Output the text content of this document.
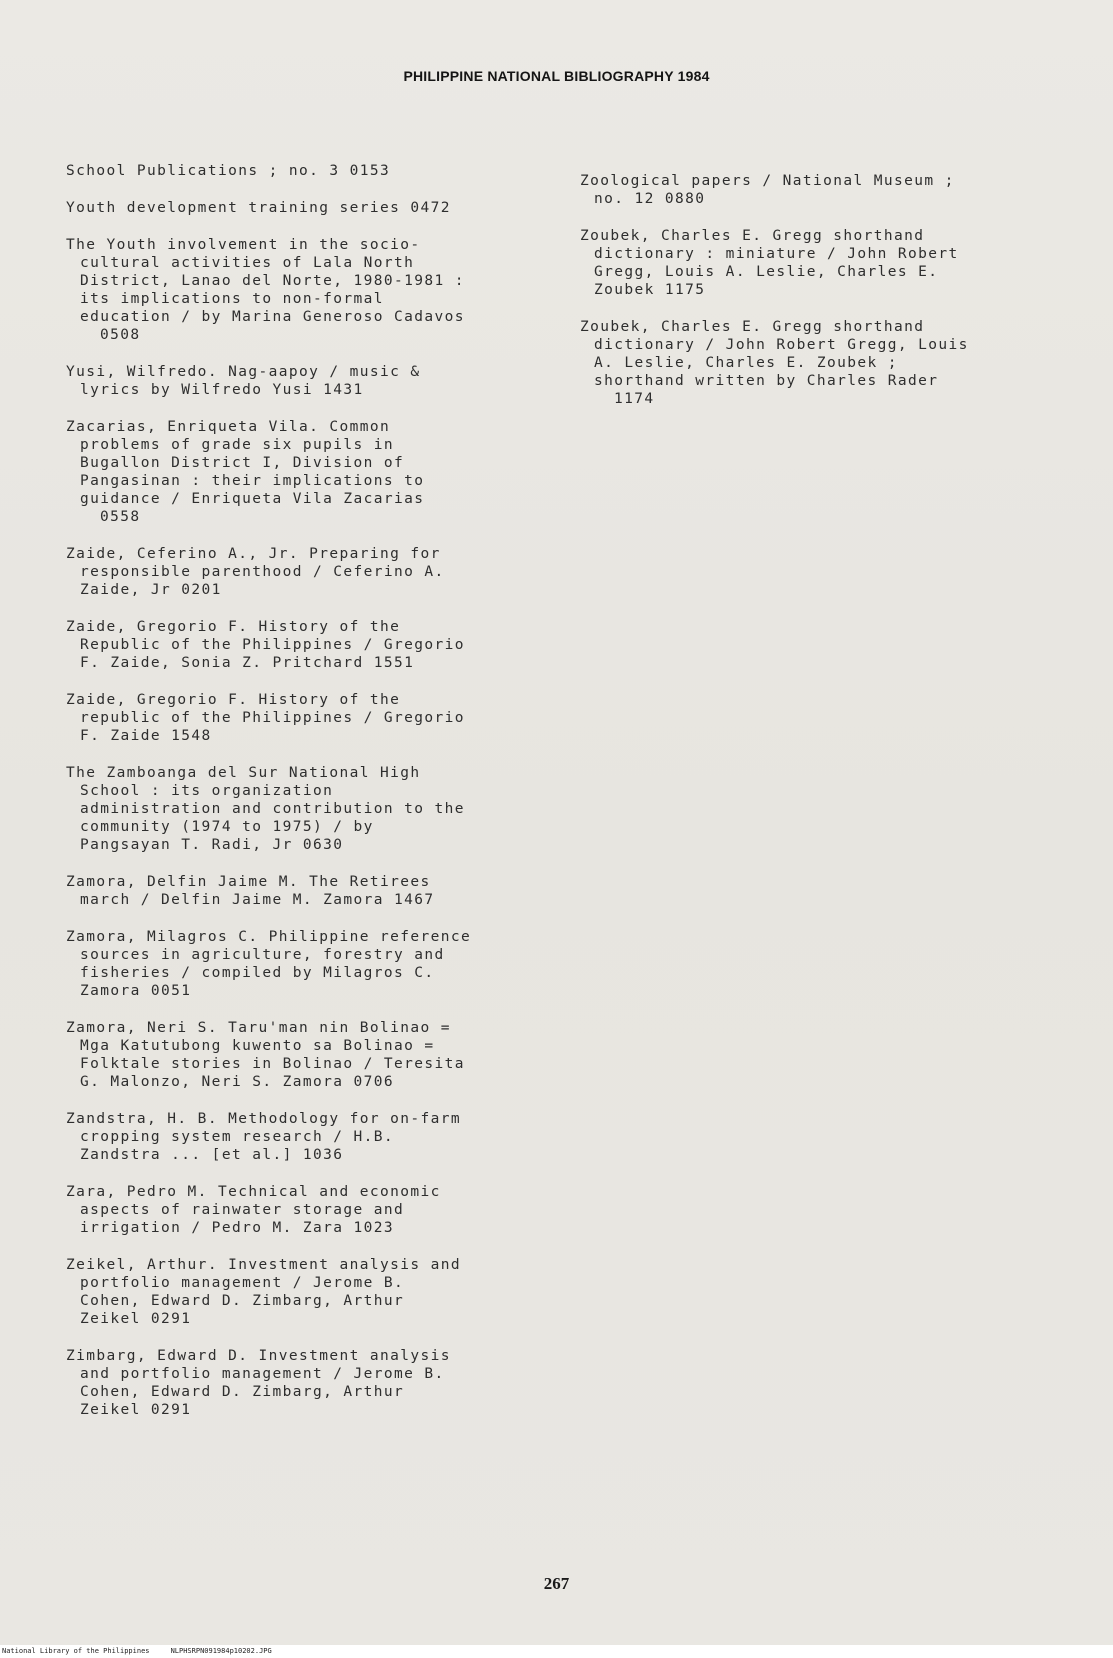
PHILIPPINE NATIONAL BIBLIOGRAPHY 1984
School Publications ; no. 3 0153
Youth development training series 0472
The Youth involvement in the socio-
cultural activities of Lala North
District, Lanao del Norte, 1980-1981 :
its implications to non-formal
education / by Marina Generoso Cadavos
0508
Yusi, Wilfredo. Nag-aapoy / music &
lyrics by Wilfredo Yusi 1431
Zacarias, Enriqueta Vila. Common
problems of grade six pupils in
Bugallon District I, Division of
Pangasinan : their implications to
guidance / Enriqueta Vila Zacarias
0558
Zaide, Ceferino A., Jr. Preparing for
responsible parenthood / Ceferino A.
Zaide, Jr 0201
Zaide, Gregorio F. History of the
Republic of the Philippines / Gregorio
F. Zaide, Sonia Z. Pritchard 1551
Zaide, Gregorio F. History of the
republic of the Philippines / Gregorio
F. Zaide 1548
The Zamboanga del Sur National High
School : its organization
administration and contribution to the
community (1974 to 1975) / by
Pangsayan T. Radi, Jr 0630
Zamora, Delfin Jaime M. The Retirees
march / Delfin Jaime M. Zamora 1467
Zamora, Milagros C. Philippine reference
sources in agriculture, forestry and
fisheries / compiled by Milagros C.
Zamora 0051
Zamora, Neri S. Taru'man nin Bolinao =
Mga Katutubong kuwento sa Bolinao =
Folktale stories in Bolinao / Teresita
G. Malonzo, Neri S. Zamora 0706
Zandstra, H. B. Methodology for on-farm
cropping system research / H.B.
Zandstra ... [et al.] 1036
Zara, Pedro M. Technical and economic
aspects of rainwater storage and
irrigation / Pedro M. Zara 1023
Zeikel, Arthur. Investment analysis and
portfolio management / Jerome B.
Cohen, Edward D. Zimbarg, Arthur
Zeikel 0291
Zimbarg, Edward D. Investment analysis
and portfolio management / Jerome B.
Cohen, Edward D. Zimbarg, Arthur
Zeikel 0291
Zoological papers / National Museum ;
no. 12 0880
Zoubek, Charles E. Gregg shorthand
dictionary : miniature / John Robert
Gregg, Louis A. Leslie, Charles E.
Zoubek 1175
Zoubek, Charles E. Gregg shorthand
dictionary / John Robert Gregg, Louis
A. Leslie, Charles E. Zoubek ;
shorthand written by Charles Rader
1174
267
National Library of the Philippines     NLPHSRPN091984p10202.JPG
